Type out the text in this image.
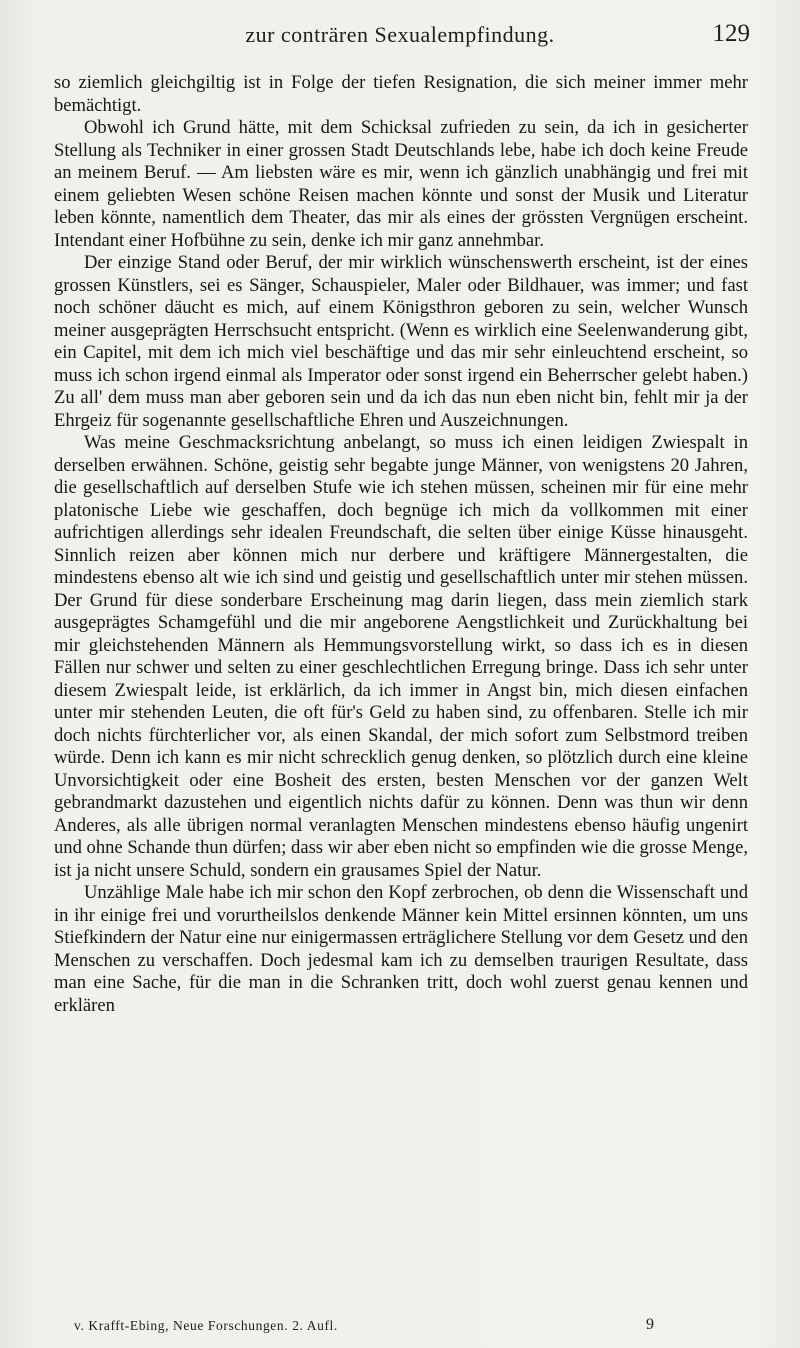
zur conträren Sexualempfindung.	129

so ziemlich gleichgiltig ist in Folge der tiefen Resignation, die sich meiner immer mehr bemächtigt.

Obwohl ich Grund hätte, mit dem Schicksal zufrieden zu sein, da ich in gesicherter Stellung als Techniker in einer grossen Stadt Deutschlands lebe, habe ich doch keine Freude an meinem Beruf. — Am liebsten wäre es mir, wenn ich gänzlich unabhängig und frei mit einem geliebten Wesen schöne Reisen machen könnte und sonst der Musik und Literatur leben könnte, namentlich dem Theater, das mir als eines der grössten Vergnügen erscheint. Intendant einer Hofbühne zu sein, denke ich mir ganz annehmbar.

Der einzige Stand oder Beruf, der mir wirklich wünschenswerth erscheint, ist der eines grossen Künstlers, sei es Sänger, Schauspieler, Maler oder Bildhauer, was immer; und fast noch schöner däucht es mich, auf einem Königsthron geboren zu sein, welcher Wunsch meiner ausgeprägten Herrschsucht entspricht. (Wenn es wirklich eine Seelenwanderung gibt, ein Capitel, mit dem ich mich viel beschäftige und das mir sehr einleuchtend erscheint, so muss ich schon irgend einmal als Imperator oder sonst irgend ein Beherrscher gelebt haben.) Zu all' dem muss man aber geboren sein und da ich das nun eben nicht bin, fehlt mir ja der Ehrgeiz für sogenannte gesellschaftliche Ehren und Auszeichnungen.

Was meine Geschmacksrichtung anbelangt, so muss ich einen leidigen Zwiespalt in derselben erwähnen. Schöne, geistig sehr begabte junge Männer, von wenigstens 20 Jahren, die gesellschaftlich auf derselben Stufe wie ich stehen müssen, scheinen mir für eine mehr platonische Liebe wie geschaffen, doch begnüge ich mich da vollkommen mit einer aufrichtigen allerdings sehr idealen Freundschaft, die selten über einige Küsse hinausgeht. Sinnlich reizen aber können mich nur derbere und kräftigere Männergestalten, die mindestens ebenso alt wie ich sind und geistig und gesellschaftlich unter mir stehen müssen. Der Grund für diese sonderbare Erscheinung mag darin liegen, dass mein ziemlich stark ausgeprägtes Schamgefühl und die mir angeborene Aengstlichkeit und Zurückhaltung bei mir gleichstehenden Männern als Hemmungsvorstellung wirkt, so dass ich es in diesen Fällen nur schwer und selten zu einer geschlechtlichen Erregung bringe. Dass ich sehr unter diesem Zwiespalt leide, ist erklärlich, da ich immer in Angst bin, mich diesen einfachen unter mir stehenden Leuten, die oft für's Geld zu haben sind, zu offenbaren. Stelle ich mir doch nichts fürchterlicher vor, als einen Skandal, der mich sofort zum Selbstmord treiben würde. Denn ich kann es mir nicht schrecklich genug denken, so plötzlich durch eine kleine Unvorsichtigkeit oder eine Bosheit des ersten, besten Menschen vor der ganzen Welt gebrandmarkt dazustehen und eigentlich nichts dafür zu können. Denn was thun wir denn Anderes, als alle übrigen normal veranlagten Menschen mindestens ebenso häufig ungenirt und ohne Schande thun dürfen; dass wir aber eben nicht so empfinden wie die grosse Menge, ist ja nicht unsere Schuld, sondern ein grausames Spiel der Natur.

Unzählige Male habe ich mir schon den Kopf zerbrochen, ob denn die Wissenschaft und in ihr einige frei und vorurtheilslos denkende Männer kein Mittel ersinnen könnten, um uns Stiefkindern der Natur eine nur einigermassen erträglichere Stellung vor dem Gesetz und den Menschen zu verschaffen. Doch jedesmal kam ich zu demselben traurigen Resultate, dass man eine Sache, für die man in die Schranken tritt, doch wohl zuerst genau kennen und erklären

v. Krafft-Ebing, Neue Forschungen. 2. Aufl.	9
